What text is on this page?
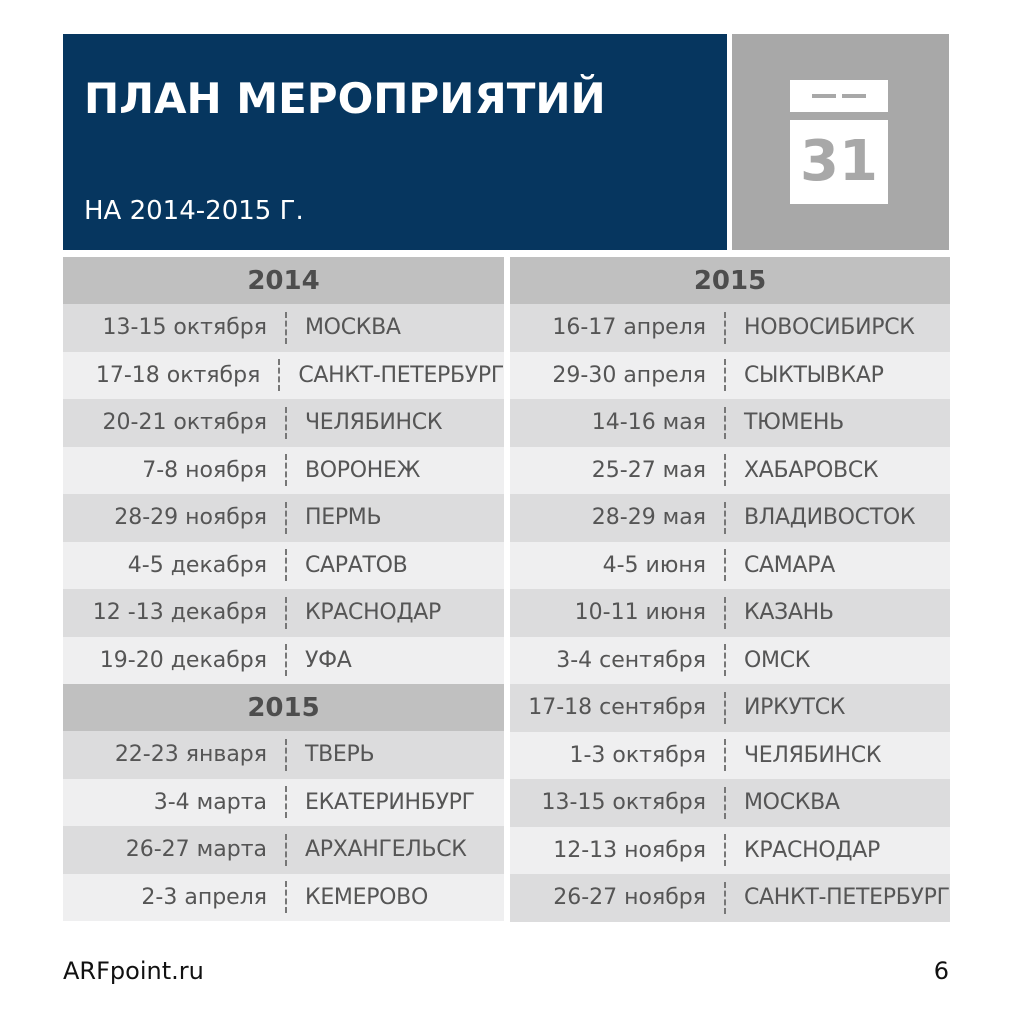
ПЛАН МЕРОПРИЯТИЙ
НА 2014-2015 Г.
31
2014
13-15 октября	МОСКВА
17-18 октября	САНКТ-ПЕТЕРБУРГ
20-21 октября	ЧЕЛЯБИНСК
7-8 ноября	ВОРОНЕЖ
28-29 ноября	ПЕРМЬ
4-5 декабря	САРАТОВ
12 -13 декабря	КРАСНОДАР
19-20 декабря	УФА
2015
22-23 января	ТВЕРЬ
3-4 марта	ЕКАТЕРИНБУРГ
26-27 марта	АРХАНГЕЛЬСК
2-3 апреля	КЕМЕРОВО
2015
16-17 апреля	НОВОСИБИРСК
29-30 апреля	СЫКТЫВКАР
14-16 мая	ТЮМЕНЬ
25-27 мая	ХАБАРОВСК
28-29 мая	ВЛАДИВОСТОК
4-5 июня	САМАРА
10-11 июня	КАЗАНЬ
3-4 сентября	ОМСК
17-18 сентября	ИРКУТСК
1-3 октября	ЧЕЛЯБИНСК
13-15 октября	МОСКВА
12-13 ноября	КРАСНОДАР
26-27 ноября	САНКТ-ПЕТЕРБУРГ
ARFpoint.ru	6
